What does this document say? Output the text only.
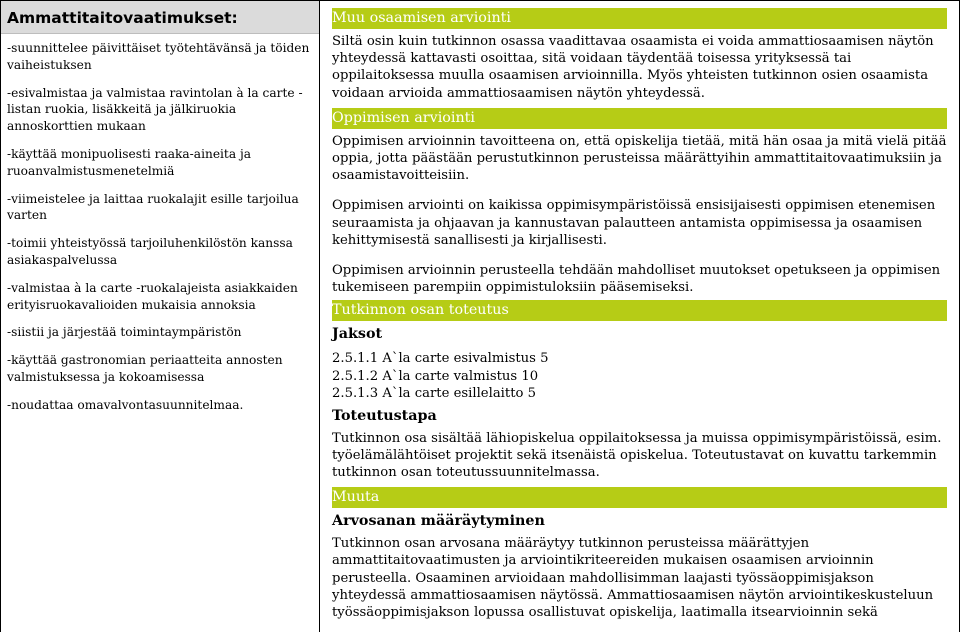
Ammattitaitovaatimukset:

-suunnittelee päivittäiset työtehtävänsä ja töiden vaiheistuksen

-esivalmistaa ja valmistaa ravintolan à la carte - listan ruokia, lisäkkeitä ja jälkiruokia annoskorttien mukaan

-käyttää monipuolisesti raaka-aineita ja ruoanvalmistusmenetelmiä

-viimeistelee ja laittaa ruokalajit esille tarjoilua varten

-toimii yhteistyössä tarjoiluhenkilöstön kanssa asiakaspalvelussa

-valmistaa à la carte -ruokalajeista asiakkaiden erityisruokavalioiden mukaisia annoksia

-siistii ja järjestää toimintaympäristön

-käyttää gastronomian periaatteita annosten valmistuksessa ja kokoamisessa

-noudattaa omavalvontasuunnitelmaa.

Muu osaamisen arviointi

Siltä osin kuin tutkinnon osassa vaadittavaa osaamista ei voida ammattiosaamisen näytön yhteydessä kattavasti osoittaa, sitä voidaan täydentää toisessa yrityksessä tai oppilaitoksessa muulla osaamisen arvioinnilla. Myös yhteisten tutkinnon osien osaamista voidaan arvioida ammattiosaamisen näytön yhteydessä.

Oppimisen arviointi

Oppimisen arvioinnin tavoitteena on, että opiskelija tietää, mitä hän osaa ja mitä vielä pitää oppia, jotta päästään perustutkinnon perusteissa määrättyihin ammattitaitovaatimuksiin ja osaamistavoitteisiin.

Oppimisen arviointi on kaikissa oppimisympäristöissä ensisijaisesti oppimisen etenemisen seuraamista ja ohjaavan ja kannustavan palautteen antamista oppimisessa ja osaamisen kehittymisestä sanallisesti ja kirjallisesti.

Oppimisen arvioinnin perusteella tehdään mahdolliset muutokset opetukseen ja oppimisen tukemiseen parempiin oppimistuloksiin pääsemiseksi.

Tutkinnon osan toteutus
Jaksot

2.5.1.1 A`la carte esivalmistus 5

2.5.1.2 A`la carte valmistus 10

2.5.1.3 A`la carte esillelaitto 5

Toteutustapa

Tutkinnon osa sisältää lähiopiskelua oppilaitoksessa ja muissa oppimisympäristöissä, esim. työelämälähtöiset projektit sekä itsenäistä opiskelua. Toteutustavat on kuvattu tarkemmin tutkinnon osan toteutussuunnitelmassa.

Muuta
Arvosanan määräytyminen

Tutkinnon osan arvosana määräytyy tutkinnon perusteissa määrättyjen ammattitaitovaatimusten ja arviointikriteereiden mukaisen osaamisen arvioinnin perusteella. Osaaminen arvioidaan mahdollisimman laajasti työssäoppimisjakson yhteydessä ammattiosaamisen näytössä. Ammattiosaamisen näytön arviointikeskusteluun työssäoppimisjakson lopussa osallistuvat opiskelija, laatimalla itsearvioinnin sekä
